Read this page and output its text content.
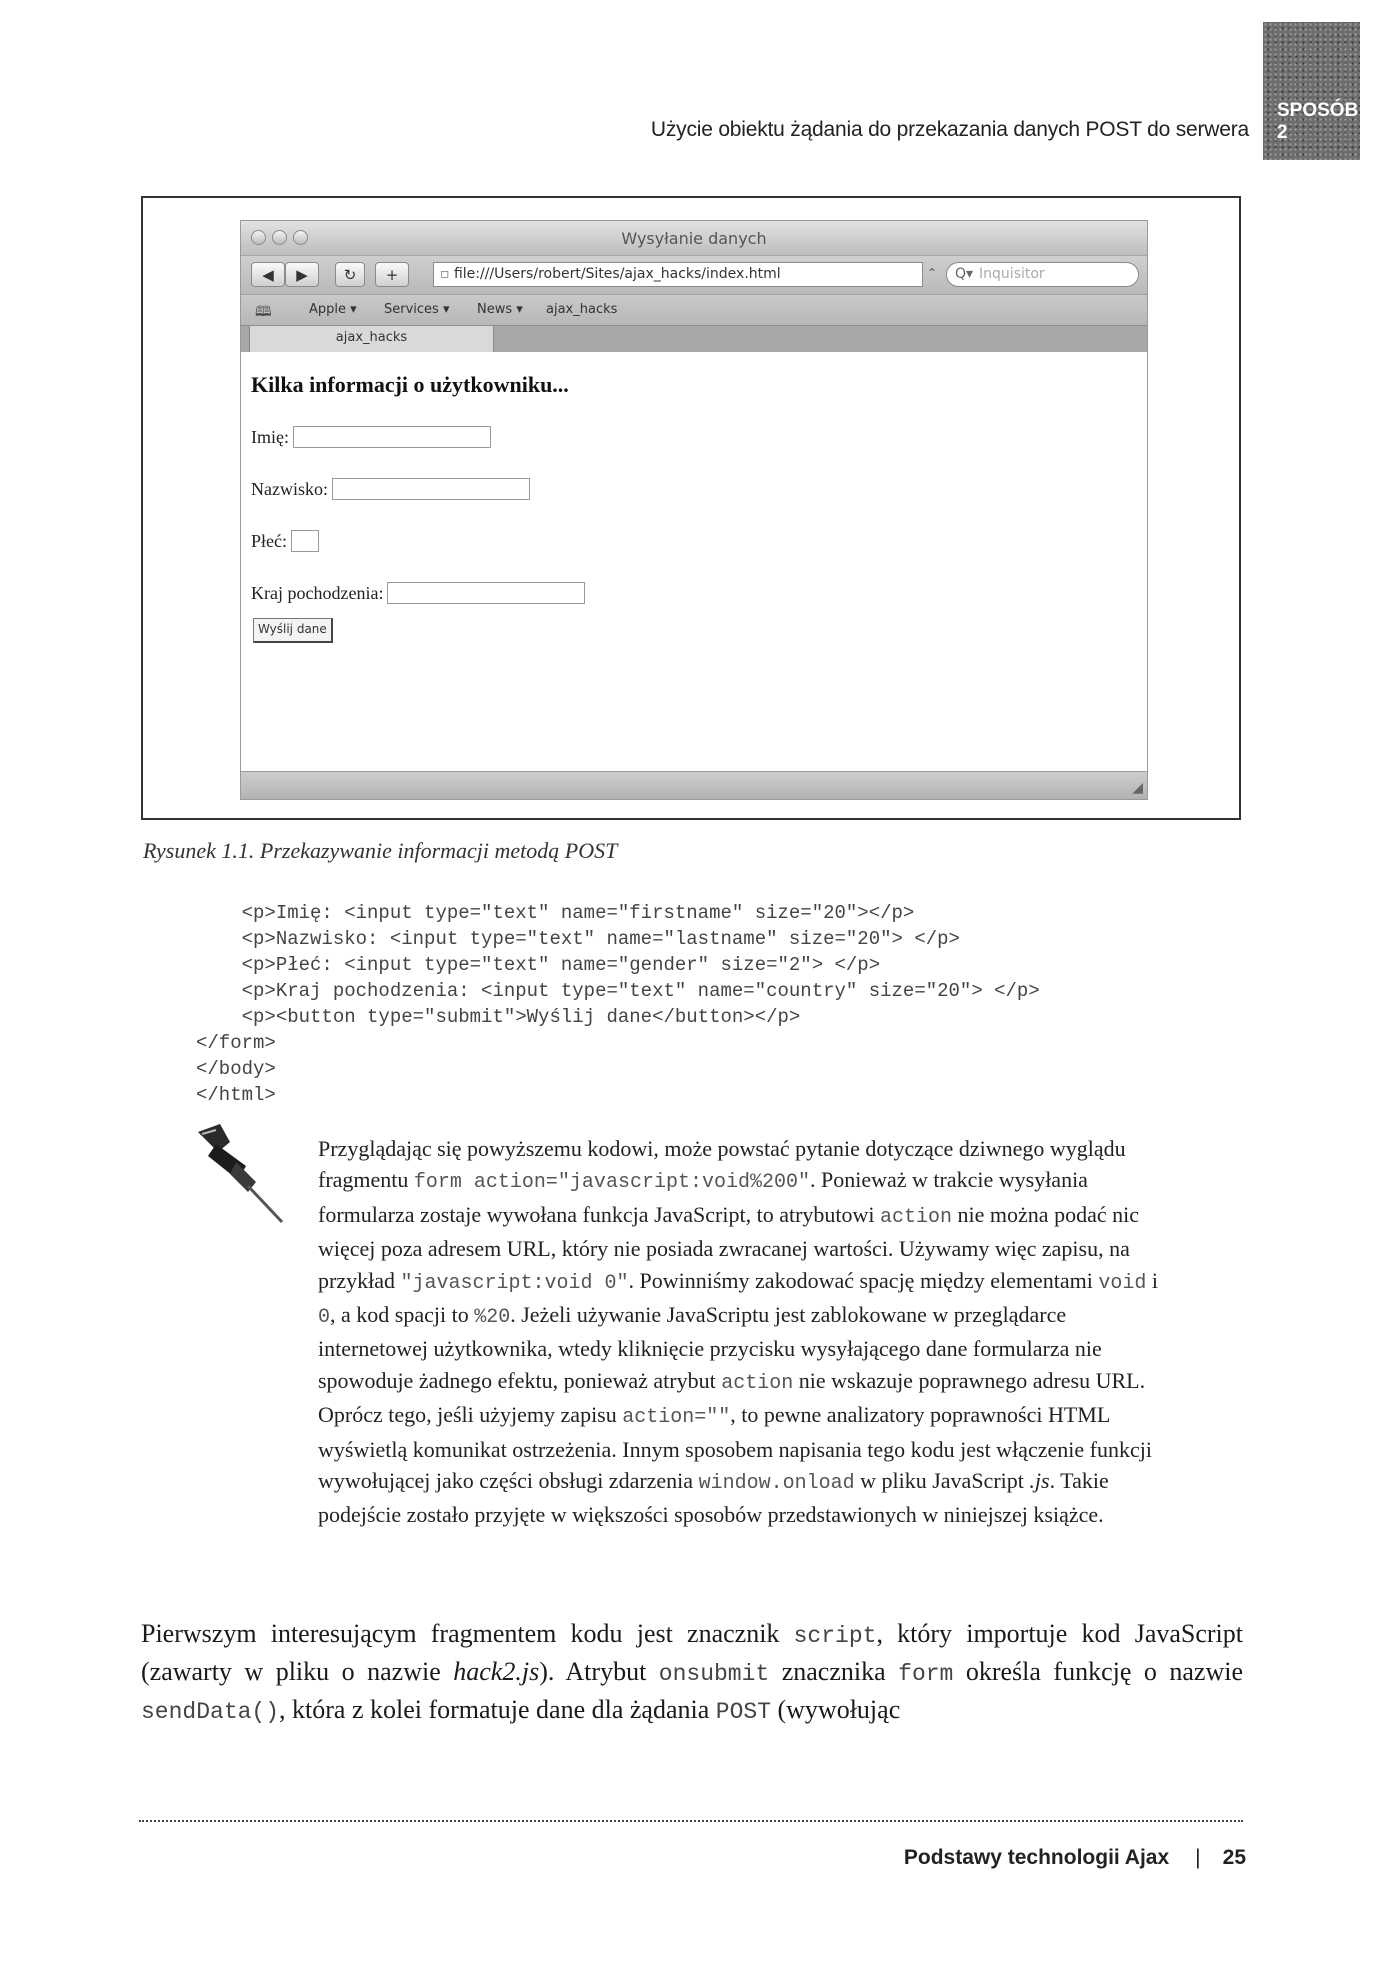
SPOSÓB
2
Użycie obiektu żądania do przekazania danych POST do serwera
Wysyłanie danych
◀ ▶ ↻ +	▫ file:///Users/robert/Sites/ajax_hacks/index.html	⌃	Q▾ Inquisitor
🕮	Apple ▾ Services ▾ News ▾ ajax_hacks
ajax_hacks
Kilka informacji o użytkowniku...
Imię:
Nazwisko:
Płeć:
Kraj pochodzenia:
Wyślij dane
◢
Rysunek 1.1. Przekazywanie informacji metodą POST
<p>Imię: <input type="text" name="firstname" size="20"></p>
<p>Nazwisko: <input type="text" name="lastname" size="20"> </p>
<p>Płeć: <input type="text" name="gender" size="2"> </p>
<p>Kraj pochodzenia: <input type="text" name="country" size="20"> </p>
<p><button type="submit">Wyślij dane</button></p>
</form>
</body>
</html>
Przyglądając się powyższemu kodowi, może powstać pytanie dotyczące dziwnego wyglądu fragmentu form action="javascript:void%200". Ponieważ w trakcie wysyłania formularza zostaje wywołana funkcja JavaScript, to atrybutowi action nie można podać nic więcej poza adresem URL, który nie posiada zwracanej wartości. Używamy więc zapisu, na przykład "javascript:void 0". Powinniśmy zakodować spację między elementami void i 0, a kod spacji to %20. Jeżeli używanie JavaScriptu jest zablokowane w przeglądarce internetowej użytkownika, wtedy kliknięcie przycisku wysyłającego dane formularza nie spowoduje żadnego efektu, ponieważ atrybut action nie wskazuje poprawnego adresu URL. Oprócz tego, jeśli użyjemy zapisu action="", to pewne analizatory poprawności HTML wyświetlą komunikat ostrzeżenia. Innym sposobem napisania tego kodu jest włączenie funkcji wywołującej jako części obsługi zdarzenia window.onload w pliku JavaScript .js. Takie podejście zostało przyjęte w większości sposobów przedstawionych w niniejszej książce.
Pierwszym interesującym fragmentem kodu jest znacznik script, który importuje kod JavaScript (zawarty w pliku o nazwie hack2.js). Atrybut onsubmit znacznika form określa funkcję o nazwie sendData(), która z kolei formatuje dane dla żądania POST (wywołując
Podstawy technologii Ajax | 25
